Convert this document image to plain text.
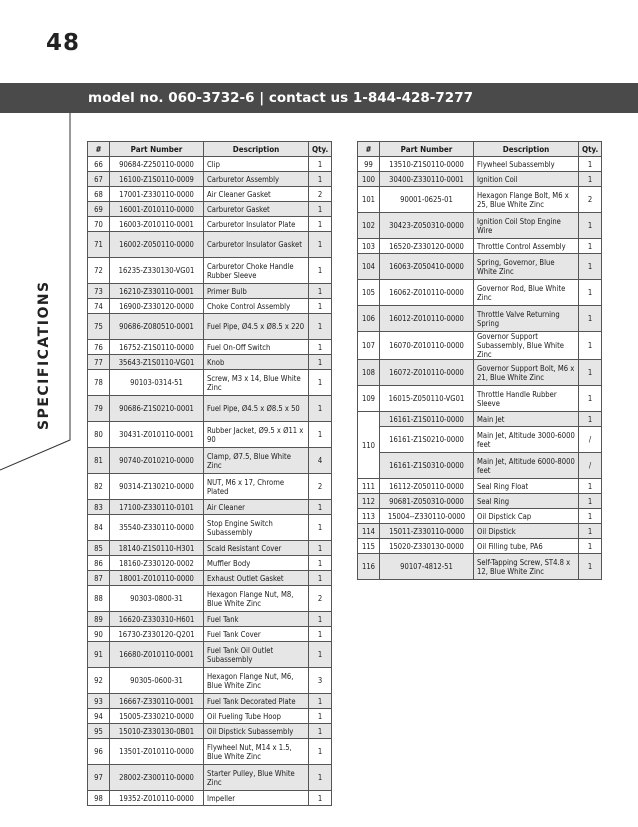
48
model no. 060-3732-6 | contact us 1-844-428-7277
SPECIFICATIONS
#	Part Number	Description	Qty.
66	90684-Z250110-0000	Clip	1
67	16100-Z1S0110-0009	Carburetor Assembly	1
68	17001-Z330110-0000	Air Cleaner Gasket	2
69	16001-Z010110-0000	Carburetor Gasket	1
70	16003-Z010110-0001	Carburetor Insulator Plate	1
71	16002-Z050110-0000	Carburetor Insulator Gasket	1
72	16235-Z330130-VG01	Carburetor Choke Handle Rubber Sleeve	1
73	16210-Z330110-0001	Primer Bulb	1
74	16900-Z330120-0000	Choke Control Assembly	1
75	90686-Z080510-0001	Fuel Pipe, Ø4.5 x Ø8.5 x 220	1
76	16752-Z1S0110-0000	Fuel On-Off Switch	1
77	35643-Z1S0110-VG01	Knob	1
78	90103-0314-51	Screw, M3 x 14, Blue White Zinc	1
79	90686-Z1S0210-0001	Fuel Pipe, Ø4.5 x Ø8.5 x 50	1
80	30431-Z010110-0001	Rubber Jacket, Ø9.5 x Ø11 x 90	1
81	90740-Z010210-0000	Clamp, Ø7.5, Blue White Zinc	4
82	90314-Z130210-0000	NUT, M6 x 17, Chrome Plated	2
83	17100-Z330110-0101	Air Cleaner	1
84	35540-Z330110-0000	Stop Engine Switch Subassembly	1
85	18140-Z1S0110-H301	Scald Resistant Cover	1
86	18160-Z330120-0002	Muffler Body	1
87	18001-Z010110-0000	Exhaust Outlet Gasket	1
88	90303-0800-31	Hexagon Flange Nut, M8, Blue White Zinc	2
89	16620-Z330310-H601	Fuel Tank	1
90	16730-Z330120-Q201	Fuel Tank Cover	1
91	16680-Z010110-0001	Fuel Tank Oil Outlet Subassembly	1
92	90305-0600-31	Hexagon Flange Nut, M6, Blue White Zinc	3
93	16667-Z330110-0001	Fuel Tank Decorated Plate	1
94	15005-Z330210-0000	Oil Fueling Tube Hoop	1
95	15010-Z330130-0B01	Oil Dipstick Subassembly	1
96	13501-Z010110-0000	Flywheel Nut, M14 x 1.5, Blue White Zinc	1
97	28002-Z300110-0000	Starter Pulley, Blue White Zinc	1
98	19352-Z010110-0000	Impeller	1
#	Part Number	Description	Qty.
99	13510-Z1S0110-0000	Flywheel Subassembly	1
100	30400-Z330110-0001	Ignition Coil	1
101	90001-0625-01	Hexagon Flange Bolt, M6 x 25, Blue White Zinc	2
102	30423-Z050310-0000	Ignition Coil Stop Engine Wire	1
103	16520-Z330120-0000	Throttle Control Assembly	1
104	16063-Z050410-0000	Spring, Governor, Blue White Zinc	1
105	16062-Z010110-0000	Governor Rod, Blue White Zinc	1
106	16012-Z010110-0000	Throttle Valve Returning Spring	1
107	16070-Z010110-0000	Governor Support Subassembly, Blue White Zinc	1
108	16072-Z010110-0000	Governor Support Bolt, M6 x 21, Blue White Zinc	1
109	16015-Z050110-VG01	Throttle Handle Rubber Sleeve	1
110	16161-Z1S0110-0000	Main Jet	1
	16161-Z1S0210-0000	Main Jet, Altitude 3000-6000 feet	/
	16161-Z1S0310-0000	Main Jet, Altitude 6000-8000 feet	/
111	16112-Z050110-0000	Seal Ring Float	1
112	90681-Z050310-0000	Seal Ring	1
113	15004--Z330110-0000	Oil Dipstick Cap	1
114	15011-Z330110-0000	Oil Dipstick	1
115	15020-Z330130-0000	Oil Filling tube, PA6	1
116	90107-4812-51	Self-Tapping Screw, ST4.8 x 12, Blue White Zinc	1
